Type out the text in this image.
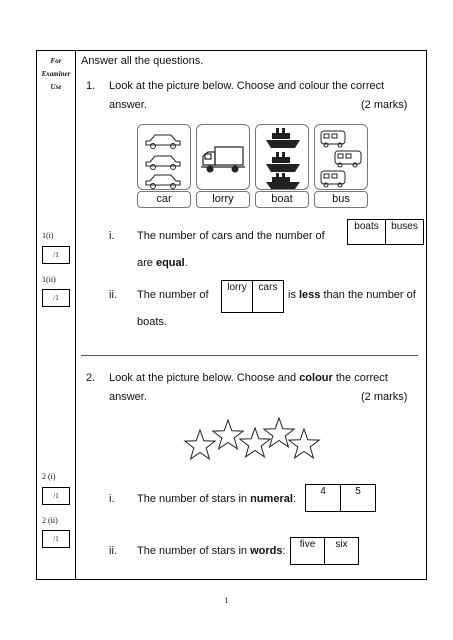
For
Examiner
Use
1(i)
/1
1(ii)
/1
2 (i)
/1
2 (ii)
/1
Answer all the questions.
1. Look at the picture below. Choose and colour the correct
answer.	(2 marks)
car	lorry	boat	bus
i. The number of cars and the number of
boats	buses
are equal.
ii. The number of
lorry	cars
is less than the number of
boats.
2. Look at the picture below. Choose and colour the correct
answer.	(2 marks)
i. The number of stars in numeral:
4	5
ii. The number of stars in words:
five	six
1
